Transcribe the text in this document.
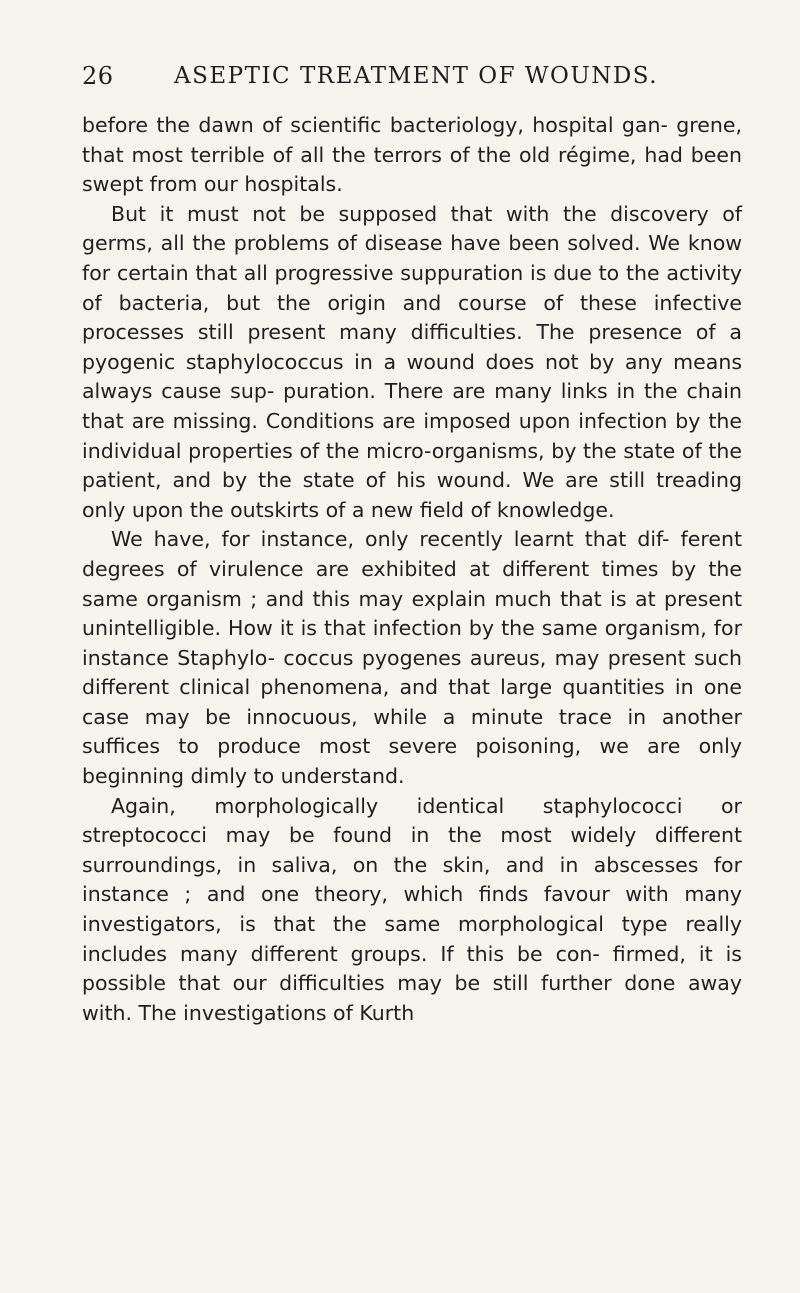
26	ASEPTIC TREATMENT OF WOUNDS.

before the dawn of scientific bacteriology, hospital gan- grene, that most terrible of all the terrors of the old régime, had been swept from our hospitals.

But it must not be supposed that with the discovery of germs, all the problems of disease have been solved. We know for certain that all progressive suppuration is due to the activity of bacteria, but the origin and course of these infective processes still present many difficulties. The presence of a pyogenic staphylococcus in a wound does not by any means always cause sup- puration. There are many links in the chain that are missing. Conditions are imposed upon infection by the individual properties of the micro-organisms, by the state of the patient, and by the state of his wound. We are still treading only upon the outskirts of a new field of knowledge.

We have, for instance, only recently learnt that dif- ferent degrees of virulence are exhibited at different times by the same organism ; and this may explain much that is at present unintelligible. How it is that infection by the same organism, for instance Staphylo- coccus pyogenes aureus, may present such different clinical phenomena, and that large quantities in one case may be innocuous, while a minute trace in another suffices to produce most severe poisoning, we are only beginning dimly to understand.

Again, morphologically identical staphylococci or streptococci may be found in the most widely different surroundings, in saliva, on the skin, and in abscesses for instance ; and one theory, which finds favour with many investigators, is that the same morphological type really includes many different groups. If this be con- firmed, it is possible that our difficulties may be still further done away with. The investigations of Kurth
